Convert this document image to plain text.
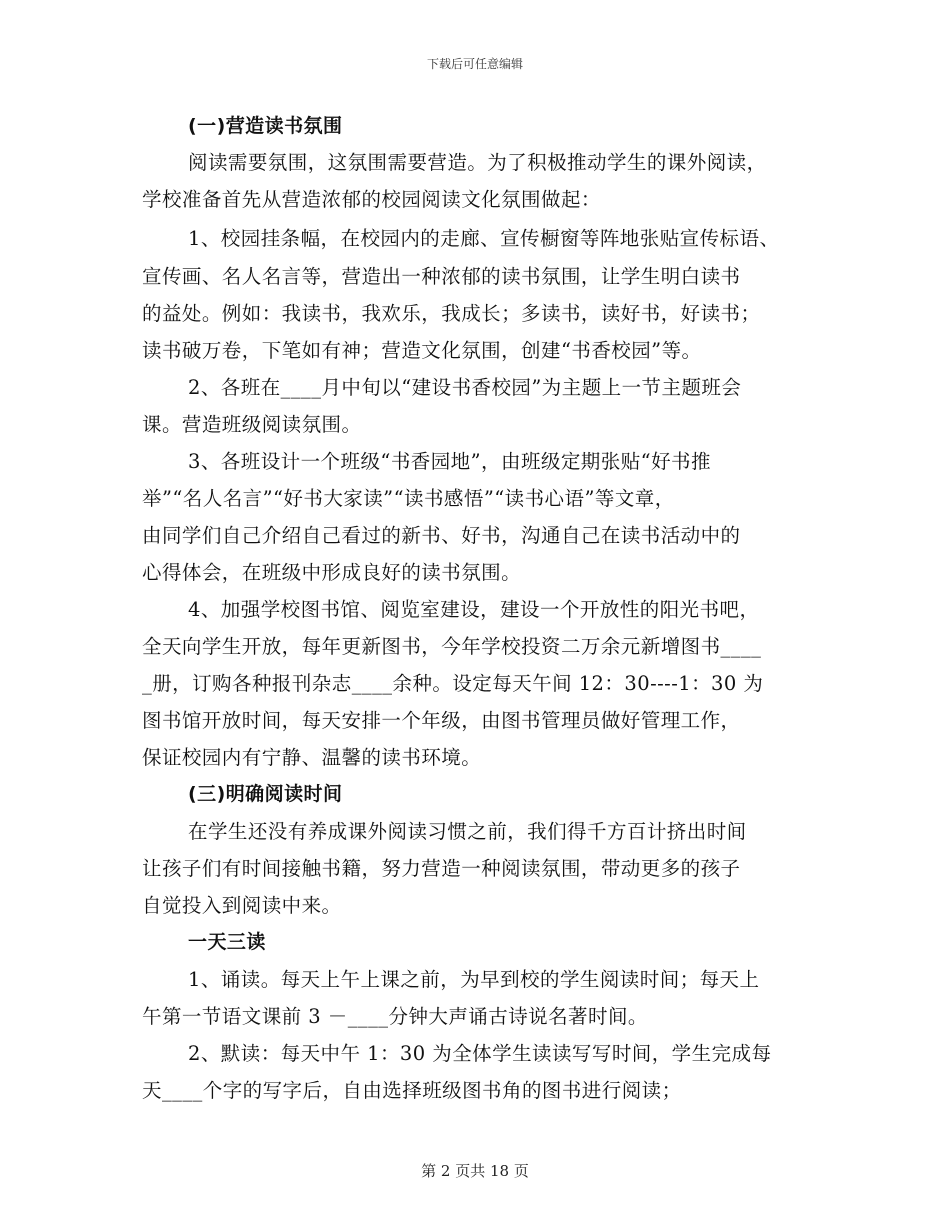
下载后可任意编辑
(一)营造读书氛围
阅读需要氛围，这氛围需要营造。为了积极推动学生的课外阅读，
学校准备首先从营造浓郁的校园阅读文化氛围做起：
1、校园挂条幅，在校园内的走廊、宣传橱窗等阵地张贴宣传标语、
宣传画、名人名言等，营造出一种浓郁的读书氛围，让学生明白读书
的益处。例如：我读书，我欢乐，我成长；多读书，读好书，好读书；
读书破万卷，下笔如有神；营造文化氛围，创建“书香校园”等。
2、各班在____月中旬以“建设书香校园”为主题上一节主题班会
课。营造班级阅读氛围。
3、各班设计一个班级“书香园地”，由班级定期张贴“好书推
举”“名人名言”“好书大家读”“读书感悟”“读书心语”等文章，
由同学们自己介绍自己看过的新书、好书，沟通自己在读书活动中的
心得体会，在班级中形成良好的读书氛围。
4、加强学校图书馆、阅览室建设，建设一个开放性的阳光书吧，
全天向学生开放，每年更新图书，今年学校投资二万余元新增图书____
_册，订购各种报刊杂志____余种。设定每天午间 12：30----1：30 为
图书馆开放时间，每天安排一个年级，由图书管理员做好管理工作，
保证校园内有宁静、温馨的读书环境。
(三)明确阅读时间
在学生还没有养成课外阅读习惯之前，我们得千方百计挤出时间
让孩子们有时间接触书籍，努力营造一种阅读氛围，带动更多的孩子
自觉投入到阅读中来。
一天三读
1、诵读。每天上午上课之前，为早到校的学生阅读时间；每天上
午第一节语文课前 3 －____分钟大声诵古诗说名著时间。
2、默读：每天中午 1：30 为全体学生读读写写时间，学生完成每
天____个字的写字后，自由选择班级图书角的图书进行阅读；
第 2 页共 18 页
